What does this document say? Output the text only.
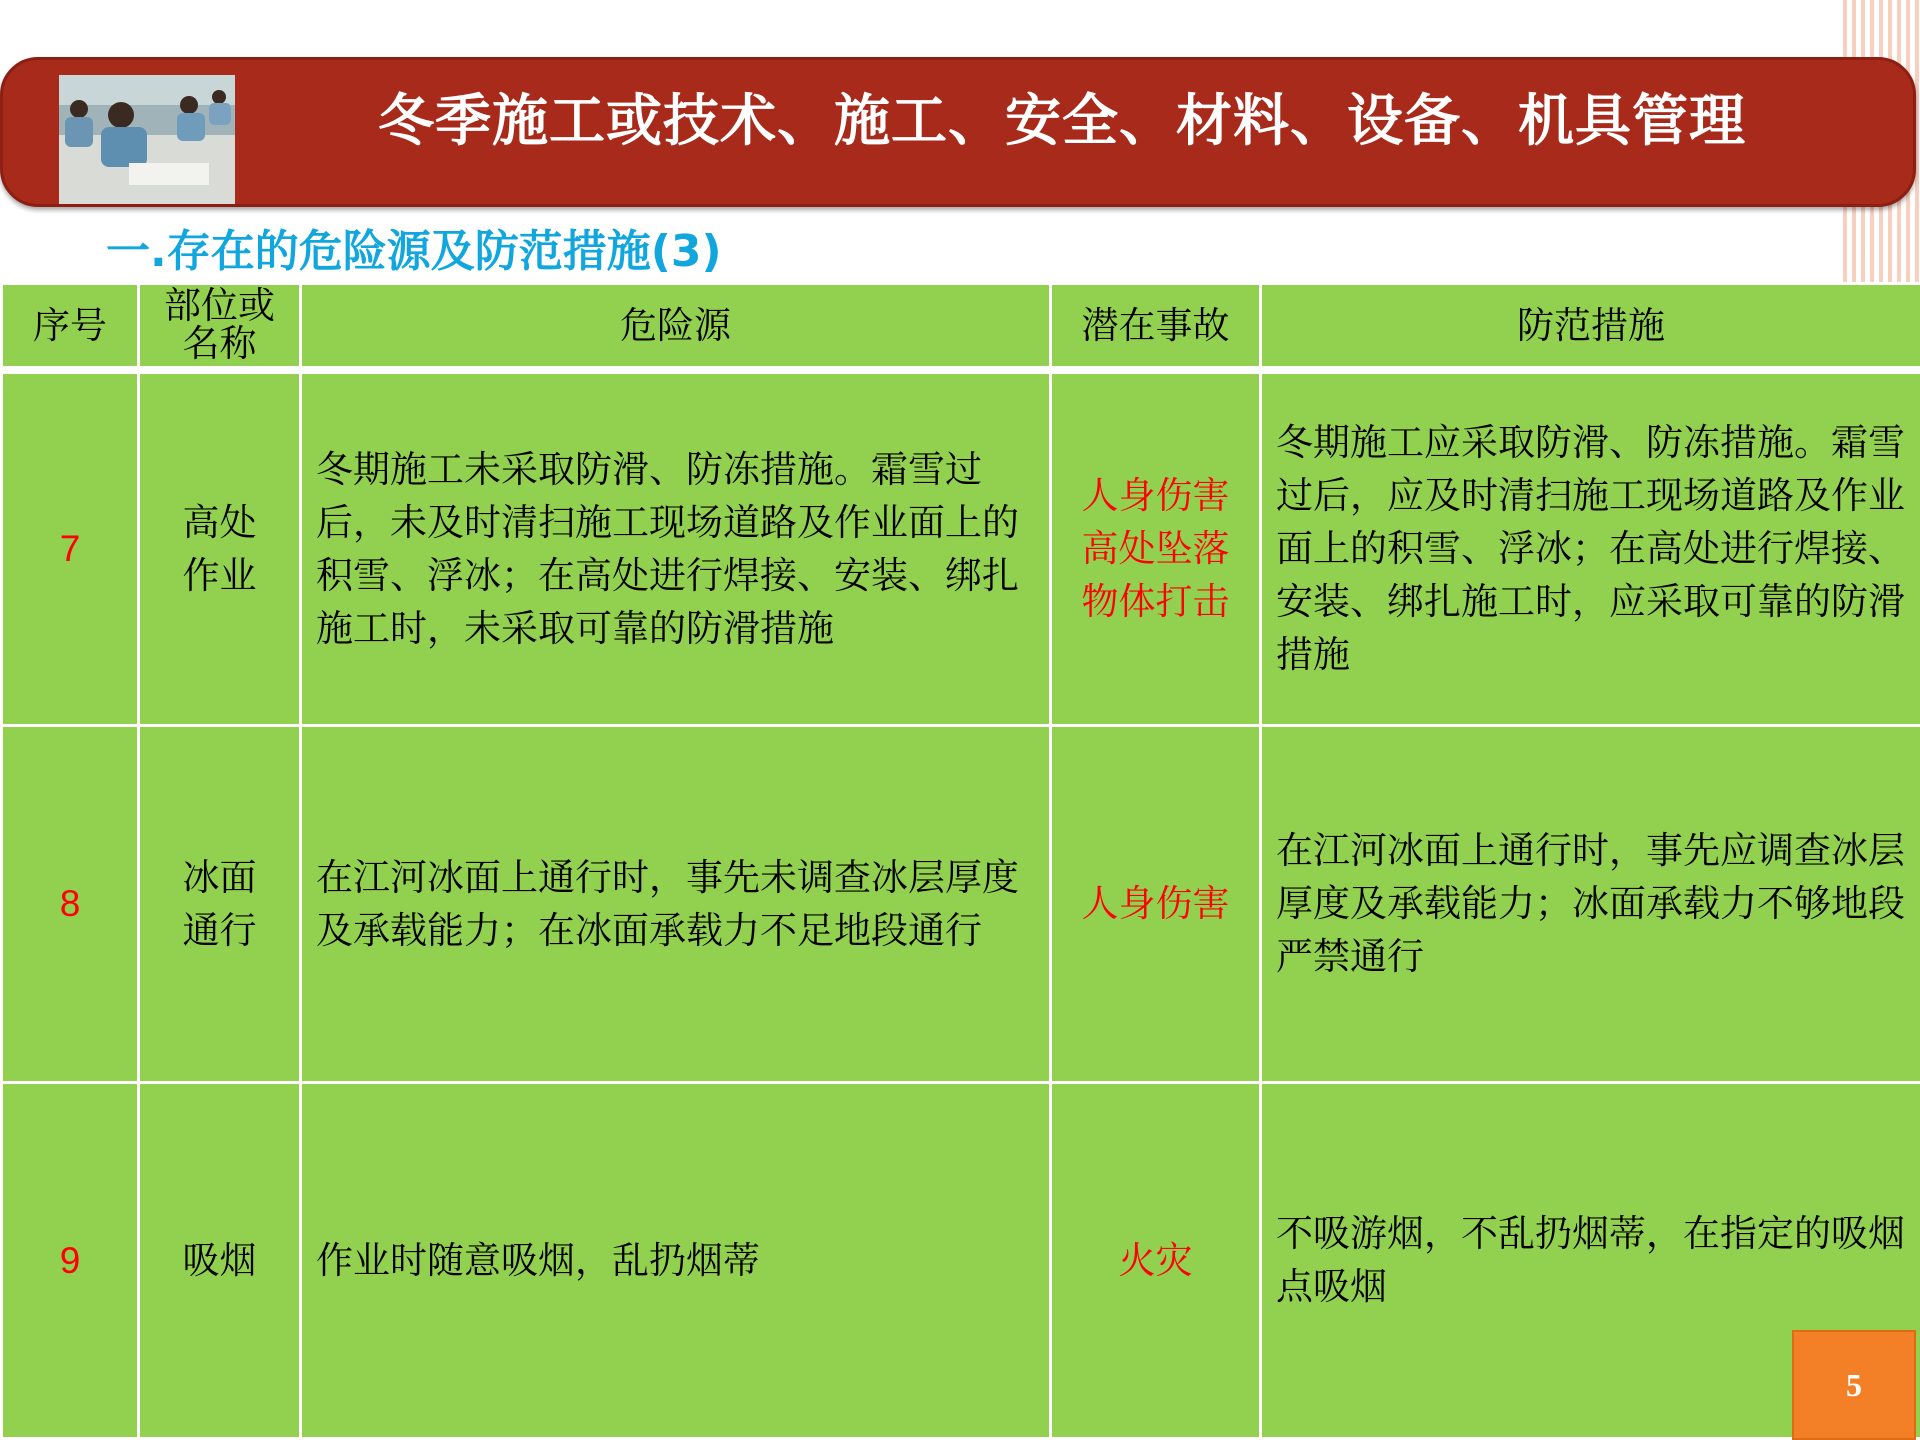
冬季施工或技术、施工、安全、材料、设备、机具管理
一.存在的危险源及防范措施(3)
序号	部位或名称	危险源	潜在事故	防范措施
7	高处作业	冬期施工未采取防滑、防冻措施。霜雪过后，未及时清扫施工现场道路及作业面上的积雪、浮冰；在高处进行焊接、安装、绑扎施工时，未采取可靠的防滑措施	人身伤害高处坠落物体打击	冬期施工应采取防滑、防冻措施。霜雪过后，应及时清扫施工现场道路及作业面上的积雪、浮冰；在高处进行焊接、安装、绑扎施工时，应采取可靠的防滑措施
8	冰面通行	在江河冰面上通行时，事先未调查冰层厚度及承载能力；在冰面承载力不足地段通行	人身伤害	在江河冰面上通行时，事先应调查冰层厚度及承载能力；冰面承载力不够地段严禁通行
9	吸烟	作业时随意吸烟，乱扔烟蒂	火灾	不吸游烟，不乱扔烟蒂，在指定的吸烟点吸烟
5
